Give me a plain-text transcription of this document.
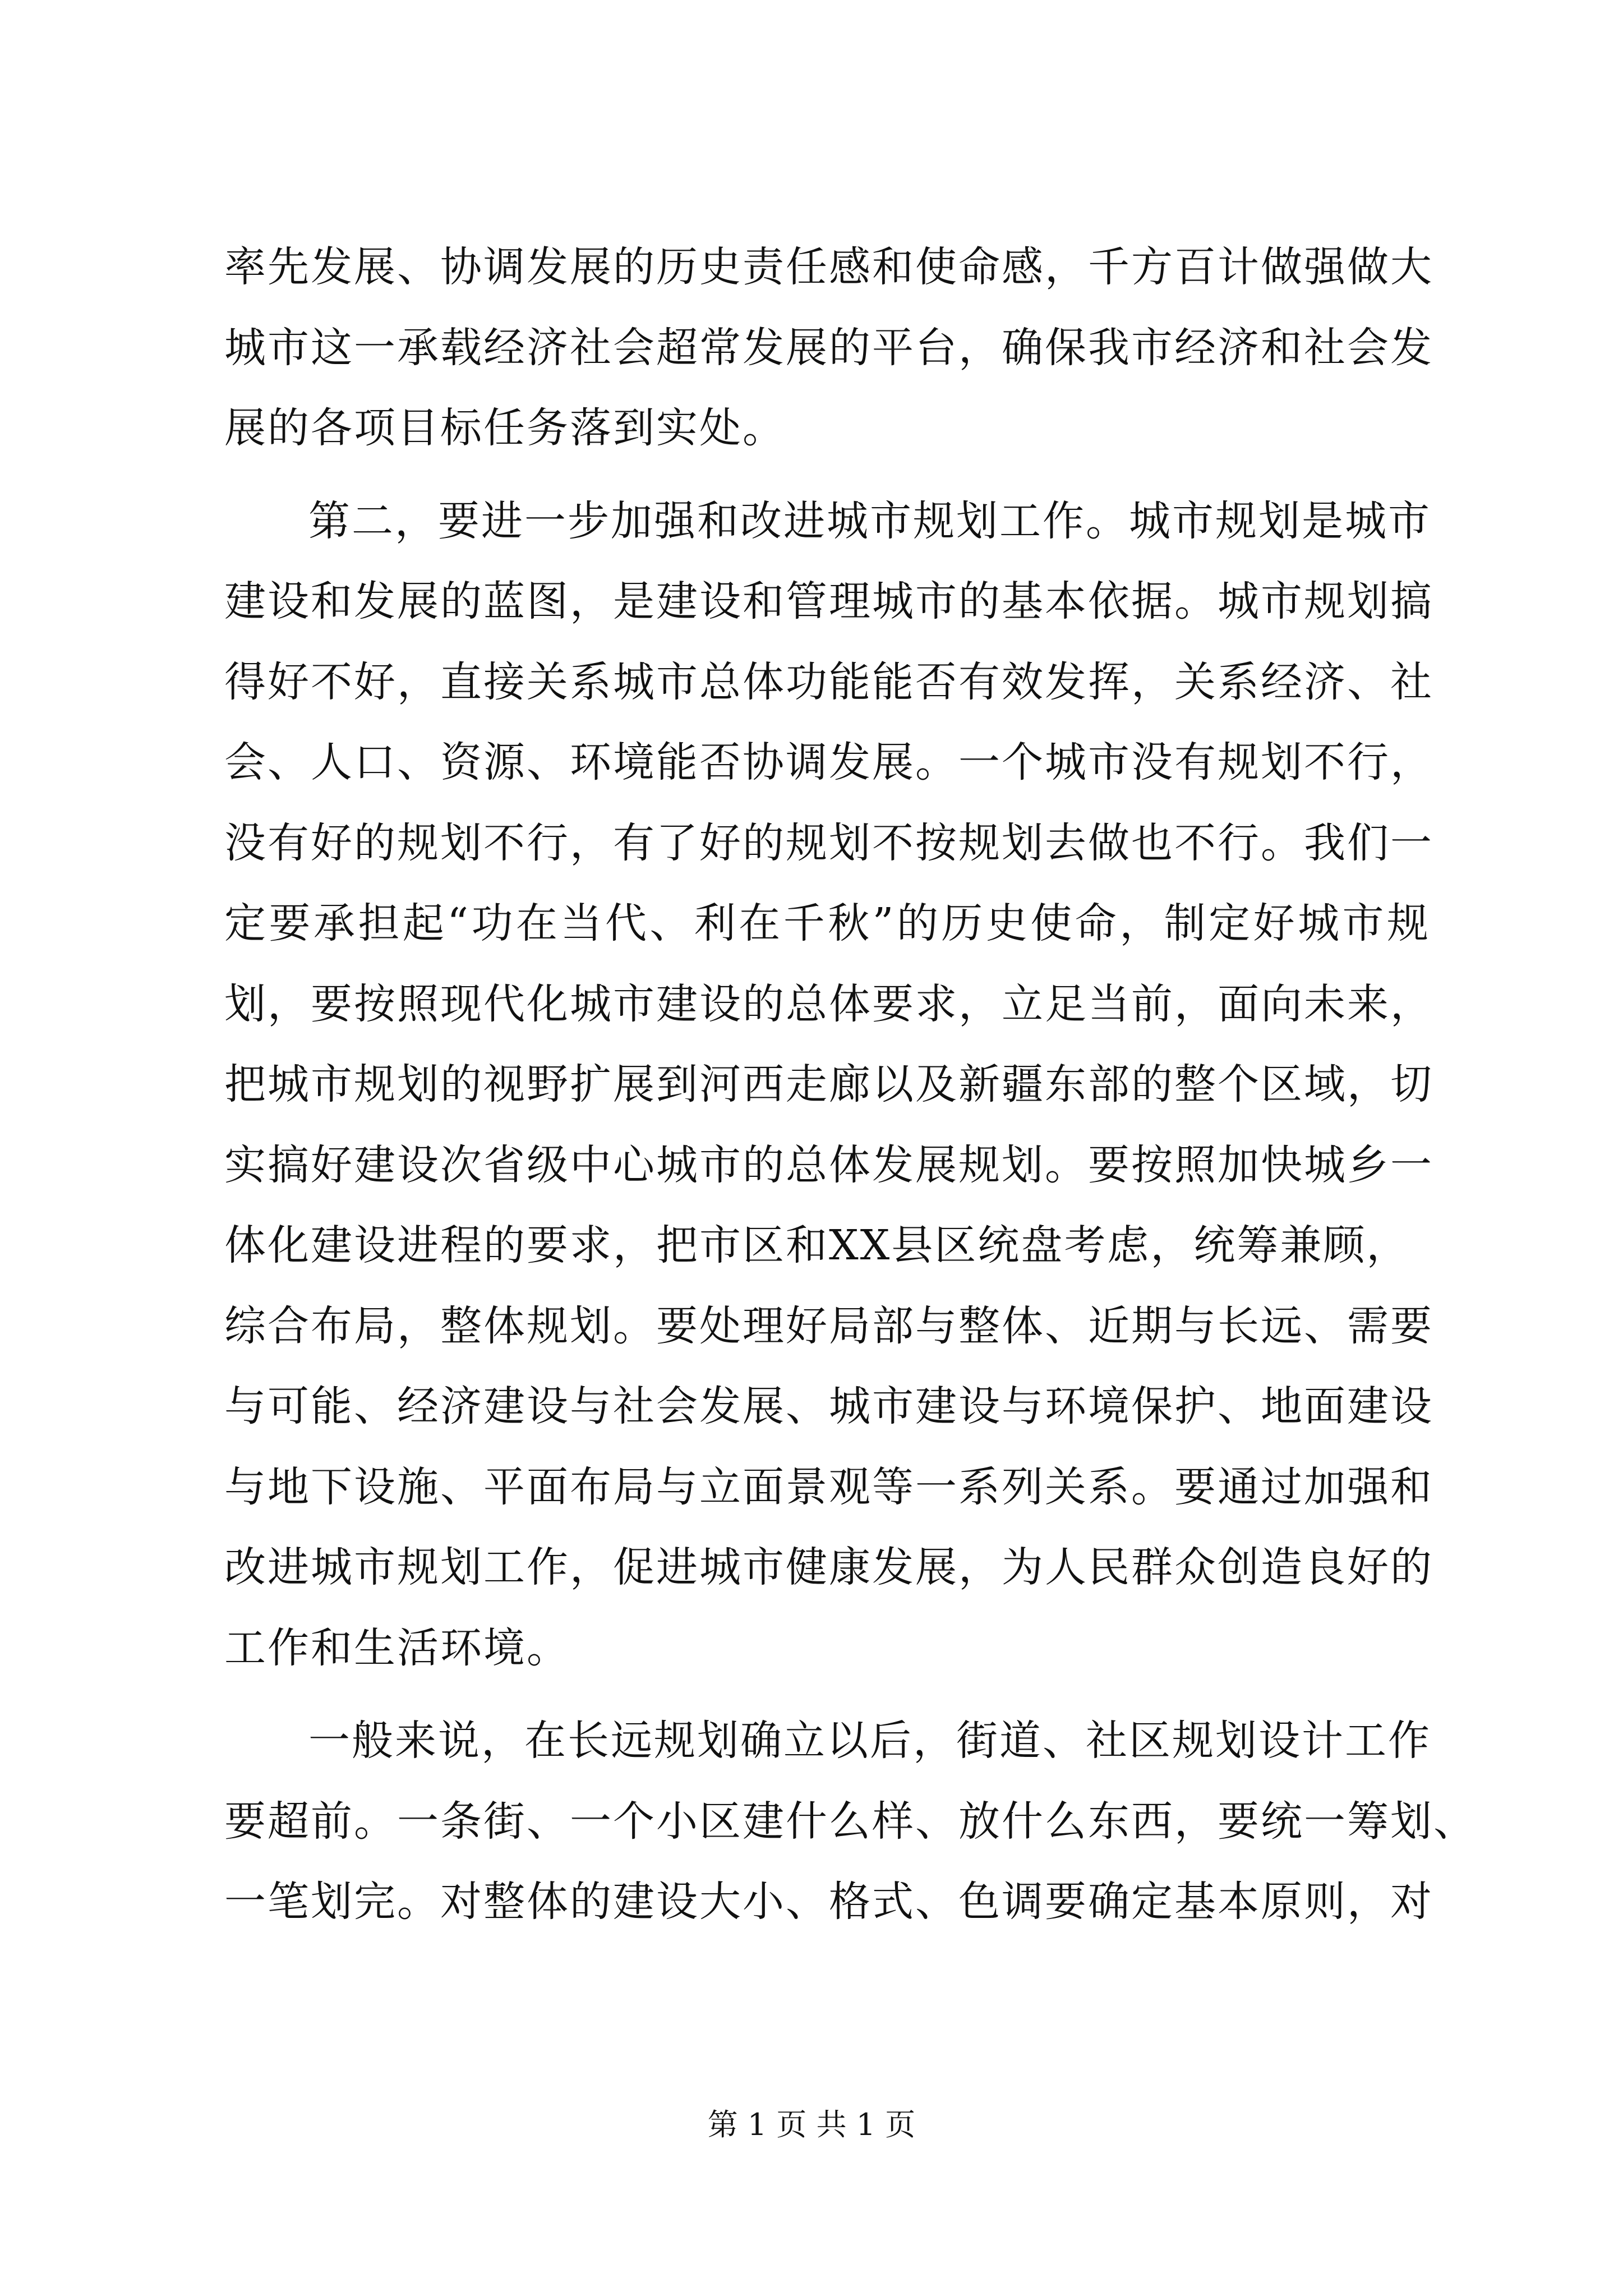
率先发展、协调发展的历史责任感和使命感，千方百计做强做大
城市这一承载经济社会超常发展的平台，确保我市经济和社会发
展的各项目标任务落到实处。
第二，要进一步加强和改进城市规划工作。城市规划是城市
建设和发展的蓝图，是建设和管理城市的基本依据。城市规划搞
得好不好，直接关系城市总体功能能否有效发挥，关系经济、社
会、人口、资源、环境能否协调发展。一个城市没有规划不行，
没有好的规划不行，有了好的规划不按规划去做也不行。我们一
定要承担起“功在当代、利在千秋”的历史使命，制定好城市规
划，要按照现代化城市建设的总体要求，立足当前，面向未来，
把城市规划的视野扩展到河西走廊以及新疆东部的整个区域，切
实搞好建设次省级中心城市的总体发展规划。要按照加快城乡一
体化建设进程的要求，把市区和XX县区统盘考虑，统筹兼顾，
综合布局，整体规划。要处理好局部与整体、近期与长远、需要
与可能、经济建设与社会发展、城市建设与环境保护、地面建设
与地下设施、平面布局与立面景观等一系列关系。要通过加强和
改进城市规划工作，促进城市健康发展，为人民群众创造良好的
工作和生活环境。
一般来说，在长远规划确立以后，街道、社区规划设计工作
要超前。一条街、一个小区建什么样、放什么东西，要统一筹划、
一笔划完。对整体的建设大小、格式、色调要确定基本原则，对
第 1 页 共 1 页
